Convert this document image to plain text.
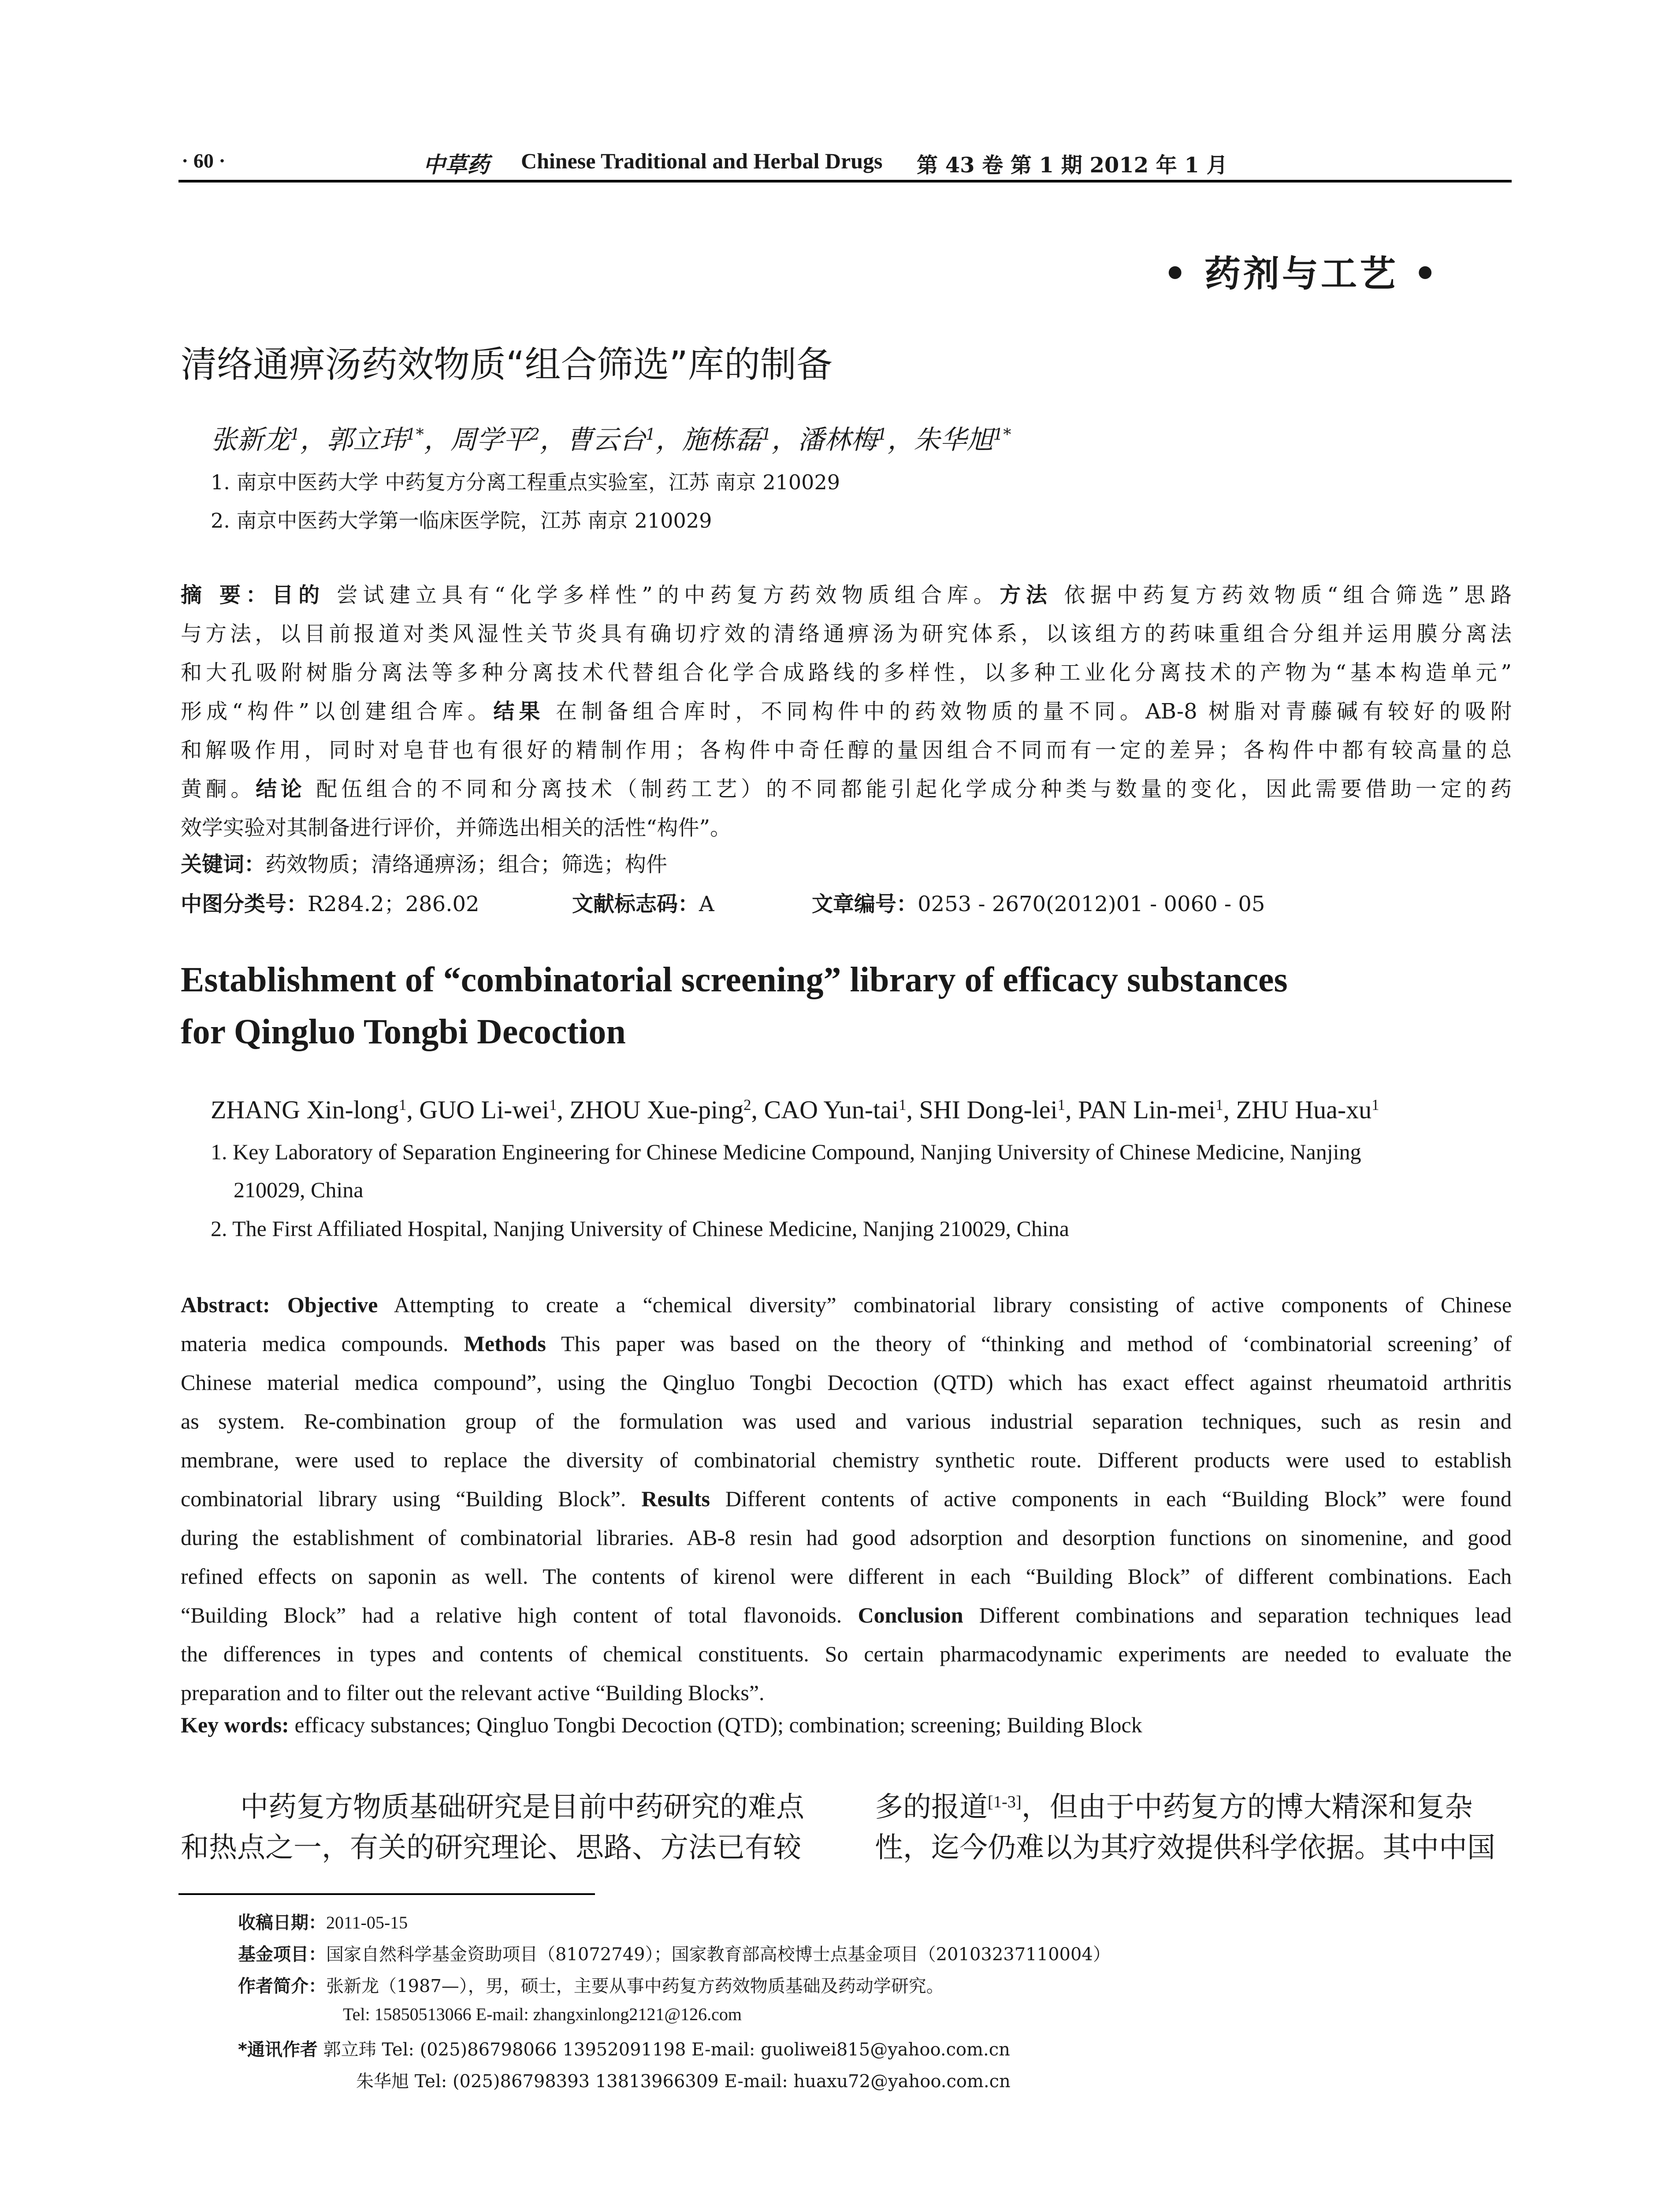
· 60 ·	中草药 Chinese Traditional and Herbal Drugs 第 43 卷 第 1 期 2012 年 1 月
• 药剂与工艺 •
清络通痹汤药效物质“组合筛选”库的制备
张新龙$^1$，郭立玮$^{1*}$，周学平$^2$，曹云台$^1$，施栋磊$^1$，潘林梅$^1$，朱华旭$^{1*}$
1. 南京中医药大学 中药复方分离工程重点实验室，江苏 南京 210029
2. 南京中医药大学第一临床医学院，江苏 南京 210029
摘 要：目的 尝试建立具有“化学多样性”的中药复方药效物质组合库。方法 依据中药复方药效物质“组合筛选”思路
与方法，以目前报道对类风湿性关节炎具有确切疗效的清络通痹汤为研究体系，以该组方的药味重组合分组并运用膜分离法
和大孔吸附树脂分离法等多种分离技术代替组合化学合成路线的多样性，以多种工业化分离技术的产物为“基本构造单元”
形成“构件”以创建组合库。结果 在制备组合库时，不同构件中的药效物质的量不同。AB-8 树脂对青藤碱有较好的吸附
和解吸作用，同时对皂苷也有很好的精制作用；各构件中奇任醇的量因组合不同而有一定的差异；各构件中都有较高量的总
黄酮。结论 配伍组合的不同和分离技术（制药工艺）的不同都能引起化学成分种类与数量的变化，因此需要借助一定的药
效学实验对其制备进行评价，并筛选出相关的活性“构件”。
关键词：药效物质；清络通痹汤；组合；筛选；构件
中图分类号：R284.2；286.02	文献标志码：A	文章编号：0253 - 2670(2012)01 - 0060 - 05
Establishment of “combinatorial screening” library of efficacy substances
for Qingluo Tongbi Decoction
ZHANG Xin-long$^1$, GUO Li-wei$^1$, ZHOU Xue-ping$^2$, CAO Yun-tai$^1$, SHI Dong-lei$^1$, PAN Lin-mei$^1$, ZHU Hua-$xu^1$
1. Key Laboratory of Separation Engineering for Chinese Medicine Compound, Nanjing University of Chinese Medicine, Nanjing
210029, China
2. The First Affiliated Hospital, Nanjing University of Chinese Medicine, Nanjing 210029, China
Abstract: Objective Attempting to create a “chemical diversity” combinatorial library consisting of active components of Chinese
materia medica compounds. Methods This paper was based on the theory of “thinking and method of ‘combinatorial screening’ of
Chinese material medica compound”, using the Qingluo Tongbi Decoction (QTD) which has exact effect against rheumatoid arthritis
as system. Re-combination group of the formulation was used and various industrial separation techniques, such as resin and
membrane, were used to replace the diversity of combinatorial chemistry synthetic route. Different products were used to establish
combinatorial library using “Building Block”. Results Different contents of active components in each “Building Block” were found
during the establishment of combinatorial libraries. AB-8 resin had good adsorption and desorption functions on sinomenine, and good
refined effects on saponin as well. The contents of kirenol were different in each “Building Block” of different combinations. Each
“Building Block” had a relative high content of total flavonoids. Conclusion Different combinations and separation techniques lead
the differences in types and contents of chemical constituents. So certain pharmacodynamic experiments are needed to evaluate the
preparation and to filter out the relevant active “Building Blocks”.
Key words: efficacy substances; Qingluo Tongbi Decoction (QTD); combination; screening; Building Block
中药复方物质基础研究是目前中药研究的难点
和热点之一，有关的研究理论、思路、方法已有较
多的报道[1-3]，但由于中药复方的博大精深和复杂
性，迄今仍难以为其疗效提供科学依据。其中中国
收稿日期：2011-05-15
基金项目：国家自然科学基金资助项目（81072749）；国家教育部高校博士点基金项目（20103237110004）
作者简介：张新龙（1987—），男，硕士，主要从事中药复方药效物质基础及药动学研究。
Tel: 15850513066 E-mail: zhangxinlong2121@126.com
*通讯作者 郭立玮 Tel: (025)86798066 13952091198 E-mail: guoliwei815@yahoo.com.cn
朱华旭 Tel: (025)86798393 13813966309 E-mail: huaxu72@yahoo.com.cn
